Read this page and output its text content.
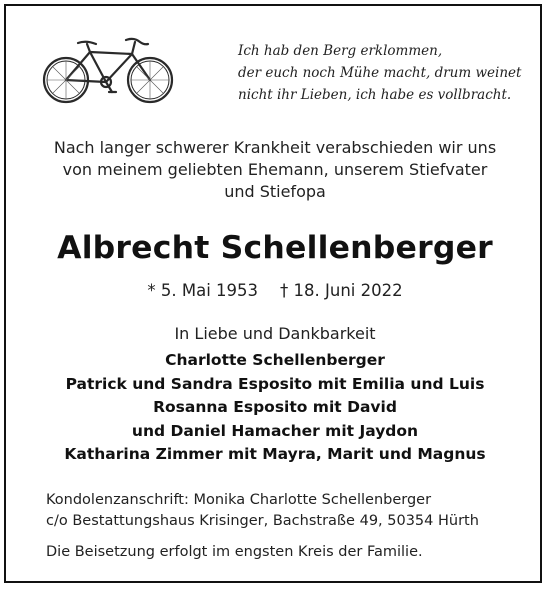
Ich hab den Berg erklommen,
der euch noch Mühe macht, drum weinet
nicht ihr Lieben, ich habe es vollbracht.
Nach langer schwerer Krankheit verabschieden wir uns
von meinem geliebten Ehemann, unserem Stiefvater
und Stiefopa
Albrecht Schellenberger
* 5. Mai 1953 † 18. Juni 2022
In Liebe und Dankbarkeit
Charlotte Schellenberger
Patrick und Sandra Esposito mit Emilia und Luis
Rosanna Esposito mit David
und Daniel Hamacher mit Jaydon
Katharina Zimmer mit Mayra, Marit und Magnus
Kondolenzanschrift: Monika Charlotte Schellenberger
c/o Bestattungshaus Krisinger, Bachstraße 49, 50354 Hürth
Die Beisetzung erfolgt im engsten Kreis der Familie.
